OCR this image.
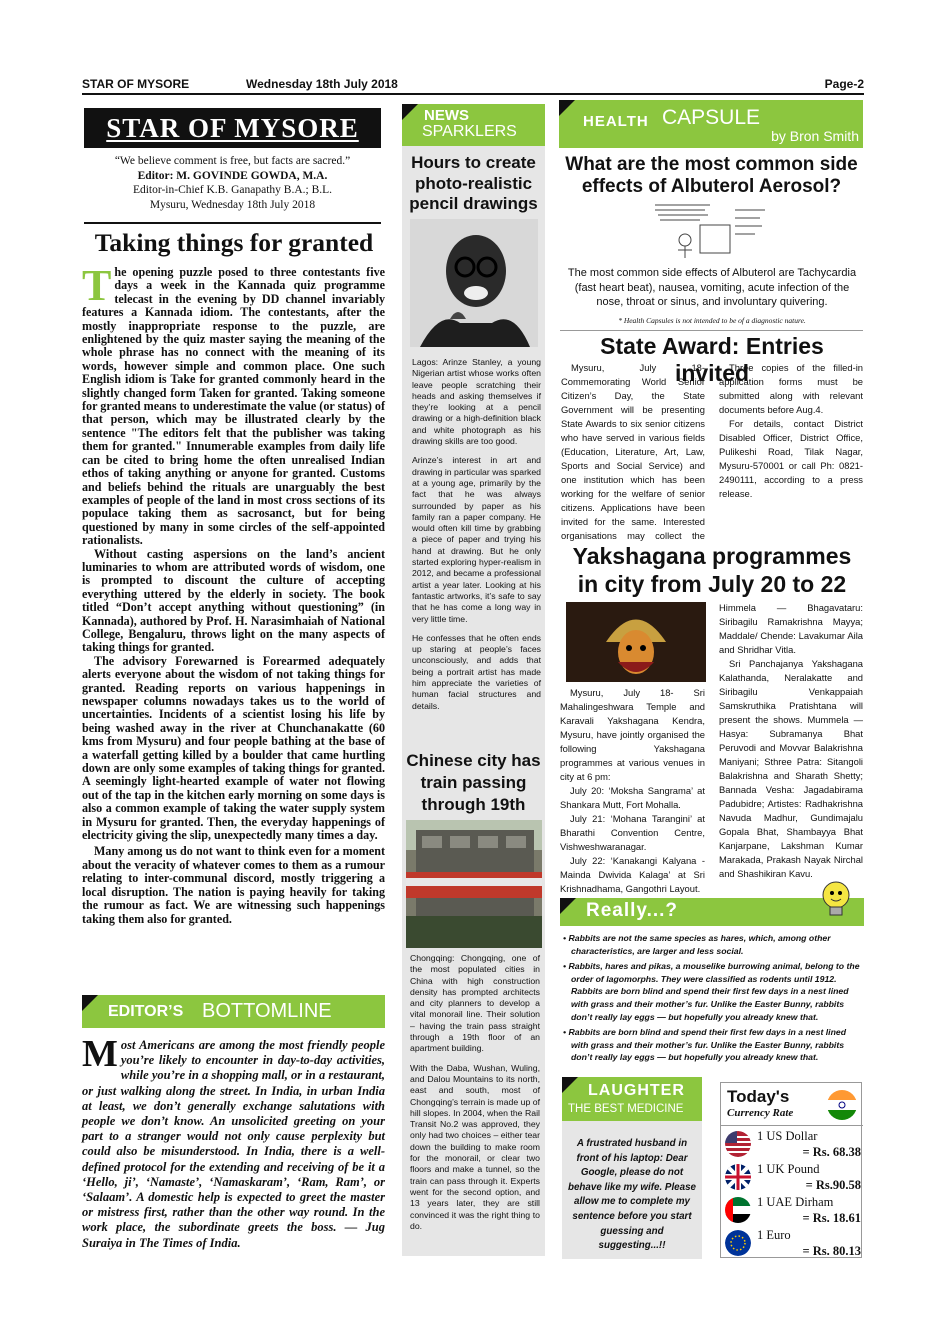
STAR OF MYSORE	Wednesday 18th July 2018	Page-2
STAR OF MYSORE
“We believe comment is free, but facts are sacred.”
Editor: M. GOVINDE GOWDA, M.A.
Editor-in-Chief K.B. Ganapathy B.A.; B.L.
Mysuru, Wednesday 18th July 2018
Taking things for granted

The opening puzzle posed to three contestants five days a week in the Kannada quiz programme telecast in the evening by DD channel invariably features a Kannada idiom. The contestants, after the mostly inappropriate response to the puzzle, are enlightened by the quiz master saying the meaning of the whole phrase has no connect with the meaning of its words, however simple and common place. One such English idiom is Take for granted commonly heard in the slightly changed form Taken for granted. Taking someone for granted means to underestimate the value (or status) of that person, which may be illustrated clearly by the sentence "The editors felt that the publisher was taking them for granted." Innumerable examples from daily life can be cited to bring home the often unrealised Indian ethos of taking anything or anyone for granted. Customs and beliefs behind the rituals are unarguably the best examples of people of the land in most cross sections of its populace taking them as sacrosanct, but for being questioned by many in some circles of the self-appointed rationalists.

Without casting aspersions on the land’s ancient luminaries to whom are attributed words of wisdom, one is prompted to discount the culture of accepting everything uttered by the elderly in society. The book titled “Don’t accept anything without questioning” (in Kannada), authored by Prof. H. Narasimhaiah of National College, Bengaluru, throws light on the many aspects of taking things for granted.

The advisory Forewarned is Forearmed adequately alerts everyone about the wisdom of not taking things for granted. Reading reports on various happenings in newspaper columns nowadays takes us to the world of uncertainties. Incidents of a scientist losing his life by being washed away in the river at Chunchanakatte (60 kms from Mysuru) and four people bathing at the base of a waterfall getting killed by a boulder that came hurtling down are only some examples of taking things for granted. A seemingly light-hearted example of water not flowing out of the tap in the kitchen early morning on some days is also a common example of taking the water supply system in Mysuru for granted. Then, the everyday happenings of electricity giving the slip, unexpectedly many times a day.

Many among us do not want to think even for a moment about the veracity of whatever comes to them as a rumour relating to inter-communal discord, mostly triggering a local disruption. The nation is paying heavily for taking the rumour as fact. We are witnessing such happenings taking them also for granted.

EDITOR’S BOTTOMLINE
Most Americans are among the most friendly people you’re likely to encounter in day-to-day activities, while you’re in a shopping mall, or in a restaurant, or just walking along the street. In India, in urban India at least, we don’t generally exchange salutations with people we don’t know. An unsolicited greeting on your part to a stranger would not only cause perplexity but could also be misunderstood. In India, there is a well-defined protocol for the extending and receiving of be it a ‘Hello, ji’, ‘Namaste’, ‘Namaskaram’, ‘Ram, Ram’, or ‘Salaam’. A domestic help is expected to greet the master or mistress first, rather than the other way round. In the work place, the subordinate greets the boss. — Jug Suraiya in The Times of India.
NEWS
SPARKLERS
Hours to create photo-realistic pencil drawings

Lagos: Arinze Stanley, a young Nigerian artist whose works often leave people scratching their heads and asking themselves if they’re looking at a pencil drawing or a high-definition black and white photograph as his drawing skills are too good.

Arinze’s interest in art and drawing in particular was sparked at a young age, primarily by the fact that he was always surrounded by paper as his family ran a paper company. He would often kill time by grabbing a piece of paper and trying his hand at drawing. But he only started exploring hyper-realism in 2012, and became a professional artist a year later. Looking at his fantastic artworks, it’s safe to say that he has come a long way in very little time.

He confesses that he often ends up staring at people’s faces unconsciously, and adds that being a portrait artist has made him appreciate the varieties of human facial structures and details.

Chinese city has train passing through 19th

Chongqing: Chongqing, one of the most populated cities in China with high construction density has prompted architects and city planners to develop a vital monorail line. Their solution – having the train pass straight through a 19th floor of an apartment building.

With the Daba, Wushan, Wuling, and Dalou Mountains to its north, east and south, most of Chongqing’s terrain is made up of hill slopes. In 2004, when the Rail Transit No.2 was approved, they only had two choices – either tear down the building to make room for the monorail, or clear two floors and make a tunnel, so the train can pass through it. Experts went for the second option, and 13 years later, they are still convinced it was the right thing to do.

HEALTH CAPSULE
by Bron Smith
What are the most common side effects of Albuterol Aerosol?
The most common side effects of Albuterol are Tachycardia (fast heart beat), nausea, vomiting, acute infection of the nose, throat or sinus, and involuntary quivering.
* Health Capsules is not intended to be of a diagnostic nature.
State Award: Entries invited
Mysuru, July 18- Commemorating World Senior Citizen’s Day, the State Government will be presenting State Awards to six senior citizens who have served in various fields (Education, Literature, Art, Law, Sports and Social Service) and one institution which has been working for the welfare of senior citizens. Applications have been invited for the same. Interested organisations may collect the

Three copies of the filled-in application forms must be submitted along with relevant documents before Aug.4.

For details, contact District Disabled Officer, District Office, Pulikeshi Road, Tilak Nagar, Mysuru-570001 or call Ph: 0821-2490111, according to a press release.

Yakshagana programmes in city from July 20 to 22

Mysuru, July 18- Sri Mahalingeshwara Temple and Karavali Yakshagana Kendra, Mysuru, have jointly organised the following Yakshagana programmes at various venues in city at 6 pm:

July 20: ‘Moksha Sangrama’ at Shankara Mutt, Fort Mohalla.

July 21: ‘Mohana Tarangini’ at Bharathi Convention Centre, Vishweshwaranagar.

July 22: ‘Kanakangi Kalyana - Mainda Dwivida Kalaga’ at Sri Krishnadhama, Gangothri Layout.

Himmela — Bhagavataru: Siribagilu Ramakrishna Mayya; Maddale/ Chende: Lavakumar Aila and Shridhar Vitla.

Sri Panchajanya Yakshagana Kalathanda, Neralakatte and Siribagilu Venkappaiah Samskruthika Pratishtana will present the shows. Mummela — Hasya: Subramanya Bhat Peruvodi and Movvar Balakrishna Maniyani; Sthree Patra: Sitangoli Balakrishna and Sharath Shetty; Bannada Vesha: Jagadabirama Padubidre; Artistes: Radhakrishna Navuda Madhur, Gundimajalu Gopala Bhat, Shambayya Bhat Kanjarpane, Lakshman Kumar Marakada, Prakash Nayak Nirchal and Shashikiran Kavu.

Really...?
• Rabbits are not the same species as hares, which, among other characteristics, are larger and less social.
• Rabbits, hares and pikas, a mouselike burrowing animal, belong to the order of lagomorphs. They were classified as rodents until 1912. Rabbits are born blind and spend their first few days in a nest lined with grass and their mother’s fur. Unlike the Easter Bunny, rabbits don’t really lay eggs — but hopefully you already knew that.
• Rabbits are born blind and spend their first few days in a nest lined with grass and their mother’s fur. Unlike the Easter Bunny, rabbits don’t really lay eggs — but hopefully you already knew that.
LAUGHTER
THE BEST MEDICINE
A frustrated husband in front of his laptop: Dear Google, please do not behave like my wife. Please allow me to complete my sentence before you start guessing and suggesting...!!
Today's
Currency Rate
1 US Dollar
= Rs. 68.38
1 UK Pound
= Rs.90.58
1 UAE Dirham
= Rs. 18.61
1 Euro
= Rs. 80.13
